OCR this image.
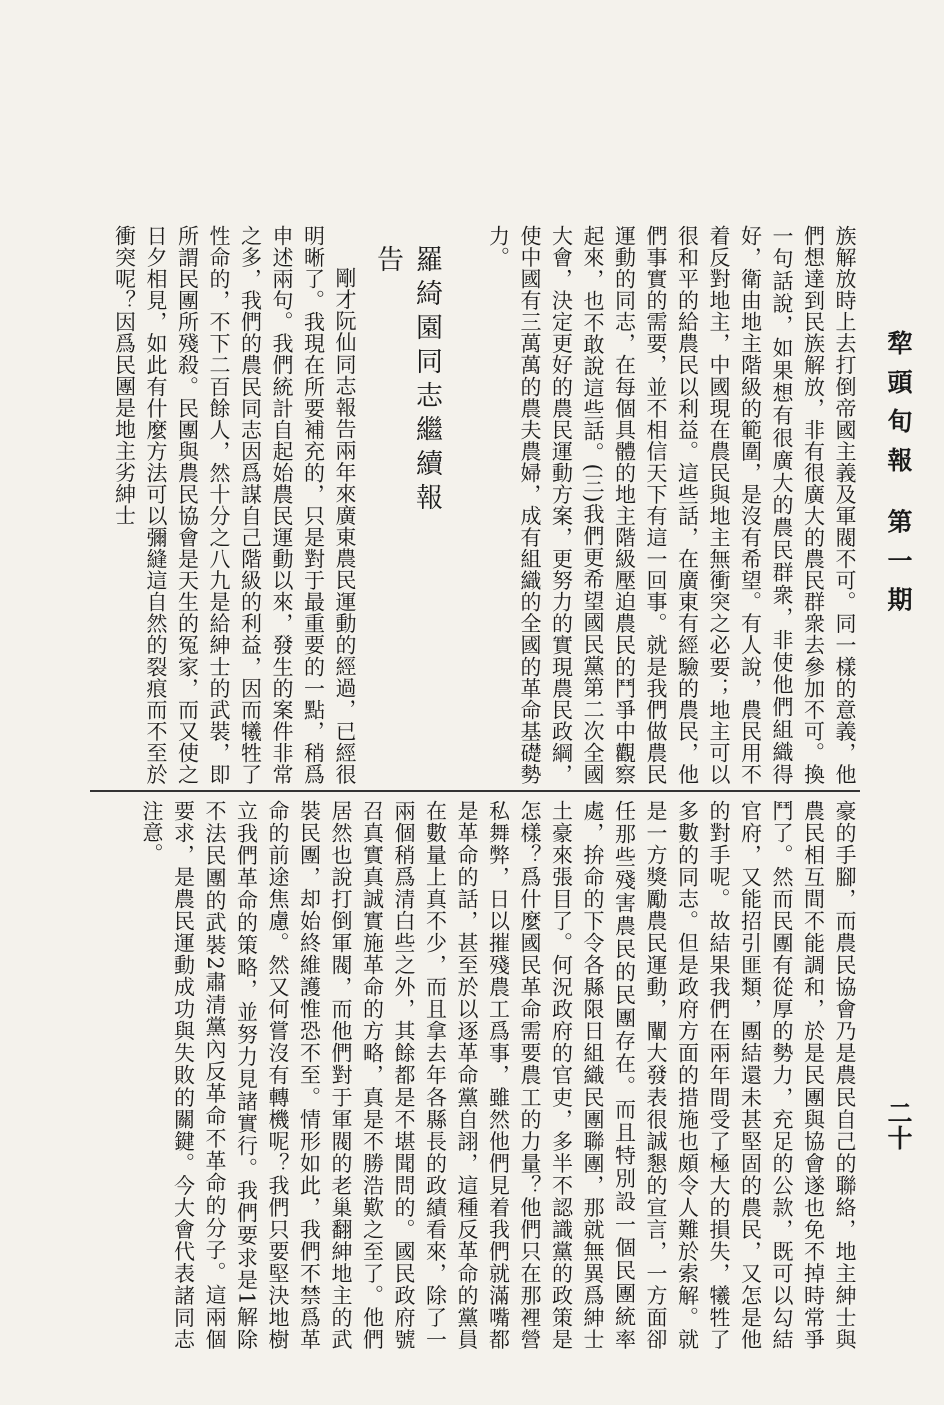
犂頭旬報 第一期
二十

族解放時上去打倒帝國主義及軍閥不可。同一樣的意義，他們想達到民族解放，非有很廣大的農民群衆去參加不可。換一句話說，如果想有很廣大的農民群衆，非使他們組織得好，衛由地主階級的範圍，是沒有希望。有人說，農民用不着反對地主，中國現在農民與地主無衝突之必要；地主可以很和平的給農民以利益。這些話，在廣東有經驗的農民，他們事實的需要，並不相信天下有這一回事。就是我們做農民運動的同志，在每個具體的地主階級壓迫農民的鬥爭中觀察起來，也不敢說這些話。(三)我們更希望國民黨第二次全國大會，決定更好的農民運動方案，更努力的實現農民政綱，使中國有三萬萬的農夫農婦，成有組織的全國的革命基礎勢力。

羅綺園同志繼續報告

剛才阮仙同志報告兩年來廣東農民運動的經過，已經很明晰了。我現在所要補充的，只是對于最重要的一點，稍爲申述兩句。我們統計自起始農民運動以來，發生的案件非常之多，我們的農民同志因爲謀自己階級的利益，因而犧牲了性命的，不下二百餘人，然十分之八九是給紳士的武裝，即所謂民團所殘殺。民團與農民協會是天生的冤家，而又使之日夕相見，如此有什麼方法可以彌縫這自然的裂痕而不至於衝突呢？因爲民團是地主劣紳士

豪的手腳，而農民協會乃是農民自己的聯絡，地主紳士與農民相互間不能調和，於是民團與協會遂也免不掉時常爭鬥了。然而民團有從厚的勢力，充足的公款，既可以勾結官府，又能招引匪類，團結還未甚堅固的農民，又怎是他的對手呢。故結果我們在兩年間受了極大的損失，犧牲了多數的同志。但是政府方面的措施也頗令人難於索解。就是一方獎勵農民運動，闡大發表很誠懇的宣言，一方面卻任那些殘害農民的民團存在。而且特別設一個民團統率處，拚命的下令各縣限日組織民團聯團，那就無異爲紳士土豪來張目了。何況政府的官吏，多半不認識黨的政策是怎樣？爲什麼國民革命需要農工的力量？他們只在那裡營私舞弊，日以摧殘農工爲事，雖然他們見着我們就滿嘴都是革命的話，甚至於以逐革命黨自詡，這種反革命的黨員在數量上真不少，而且拿去年各縣長的政績看來，除了一兩個稍爲清白些之外，其餘都是不堪聞問的。國民政府號召真實真誠實施革命的方略，真是不勝浩歎之至了。他們居然也說打倒軍閥，而他們對于軍閥的老巢翻紳地主的武裝民團，却始終維護惟恐不至。情形如此，我們不禁爲革命的前途焦慮。然又何嘗沒有轉機呢？我們只要堅決地樹立我們革命的策略，並努力見諸實行。我們要求是1解除不法民團的武裝2肅清黨內反革命不革命的分子。這兩個要求，是農民運動成功與失敗的關鍵。今大會代表諸同志注意。
